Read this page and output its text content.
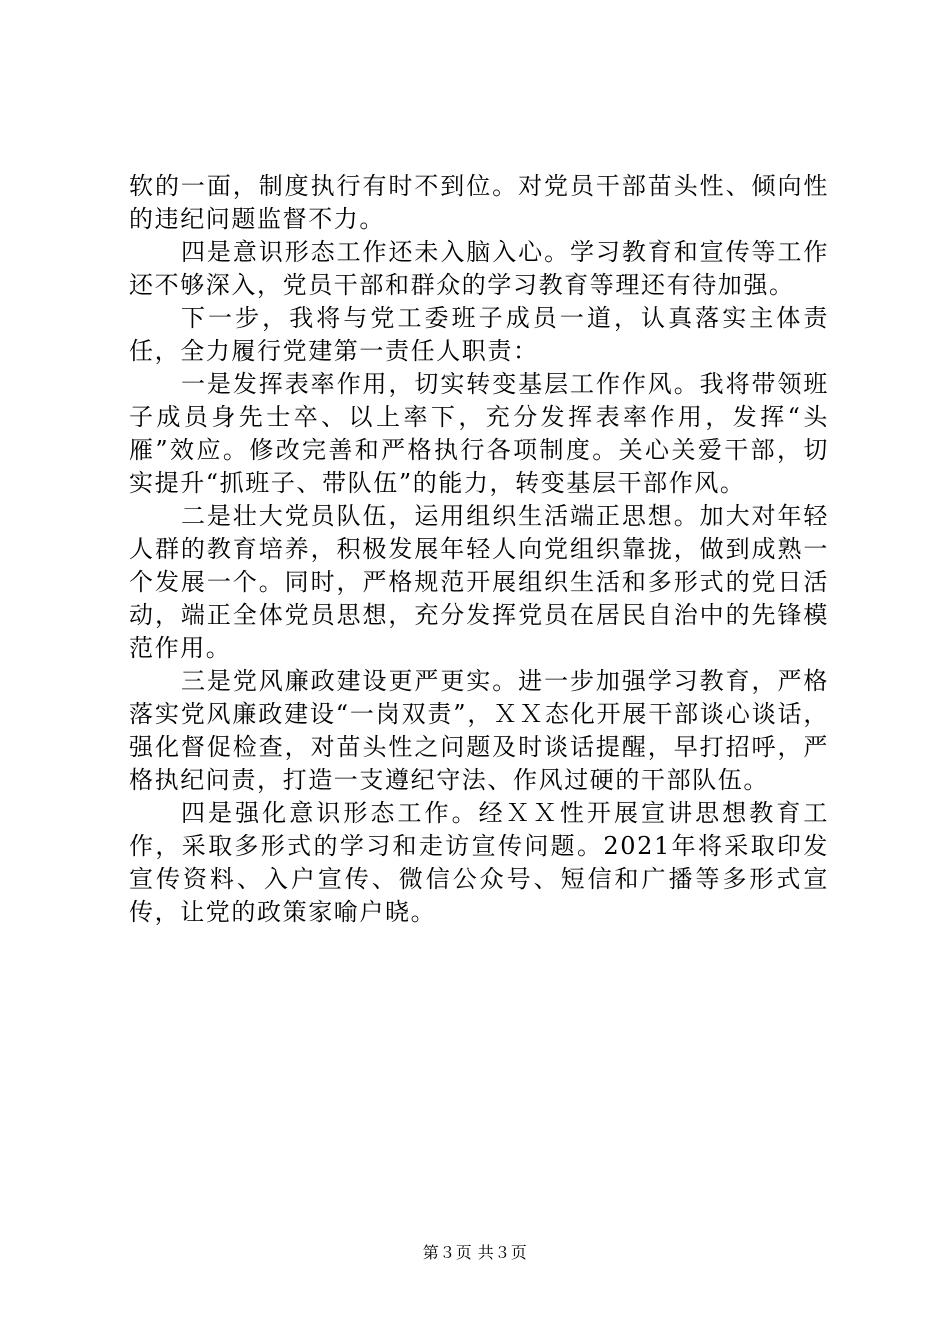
软的一面，制度执行有时不到位。对党员干部苗头性、倾向性的违纪问题监督不力。

四是意识形态工作还未入脑入心。学习教育和宣传等工作还不够深入，党员干部和群众的学习教育等理还有待加强。

下一步，我将与党工委班子成员一道，认真落实主体责任，全力履行党建第一责任人职责：

一是发挥表率作用，切实转变基层工作作风。我将带领班子成员身先士卒、以上率下，充分发挥表率作用，发挥“头雁”效应。修改完善和严格执行各项制度。关心关爱干部，切实提升“抓班子、带队伍”的能力，转变基层干部作风。

二是壮大党员队伍，运用组织生活端正思想。加大对年轻人群的教育培养，积极发展年轻人向党组织靠拢，做到成熟一个发展一个。同时，严格规范开展组织生活和多形式的党日活动，端正全体党员思想，充分发挥党员在居民自治中的先锋模范作用。

三是党风廉政建设更严更实。进一步加强学习教育，严格落实党风廉政建设“一岗双责”，ＸＸ态化开展干部谈心谈话，强化督促检查，对苗头性之问题及时谈话提醒，早打招呼，严格执纪问责，打造一支遵纪守法、作风过硬的干部队伍。

四是强化意识形态工作。经ＸＸ性开展宣讲思想教育工作，采取多形式的学习和走访宣传问题。2021年将采取印发宣传资料、入户宣传、微信公众号、短信和广播等多形式宣传，让党的政策家喻户晓。

第３页 共３页
